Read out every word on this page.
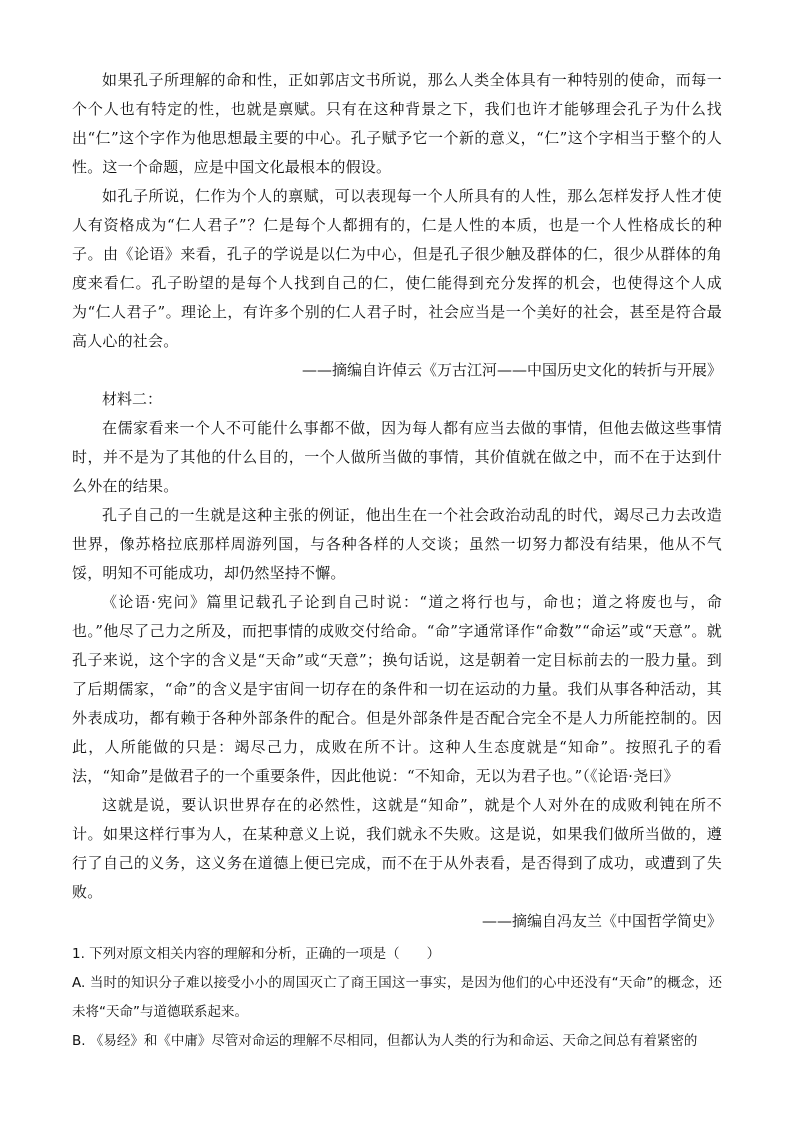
如果孔子所理解的命和性，正如郭店文书所说，那么人类全体具有一种特别的使命，而每一个个人也有特定的性，也就是禀赋。只有在这种背景之下，我们也许才能够理会孔子为什么找出“仁”这个字作为他思想最主要的中心。孔子赋予它一个新的意义，“仁”这个字相当于整个的人性。这一个命题，应是中国文化最根本的假设。

如孔子所说，仁作为个人的禀赋，可以表现每一个人所具有的人性，那么怎样发抒人性才使人有资格成为“仁人君子”？仁是每个人都拥有的，仁是人性的本质，也是一个人性格成长的种子。由《论语》来看，孔子的学说是以仁为中心，但是孔子很少触及群体的仁，很少从群体的角度来看仁。孔子盼望的是每个人找到自己的仁，使仁能得到充分发挥的机会，也使得这个人成为“仁人君子”。理论上，有许多个别的仁人君子时，社会应当是一个美好的社会，甚至是符合最高人心的社会。

——摘编自许倬云《万古江河——中国历史文化的转折与开展》

材料二：

在儒家看来一个人不可能什么事都不做，因为每人都有应当去做的事情，但他去做这些事情时，并不是为了其他的什么目的，一个人做所当做的事情，其价值就在做之中，而不在于达到什么外在的结果。

孔子自己的一生就是这种主张的例证，他出生在一个社会政治动乱的时代，竭尽己力去改造世界，像苏格拉底那样周游列国，与各种各样的人交谈；虽然一切努力都没有结果，他从不气馁，明知不可能成功，却仍然坚持不懈。

《论语·宪问》篇里记载孔子论到自己时说：“道之将行也与，命也；道之将废也与，命也。”他尽了己力之所及，而把事情的成败交付给命。“命”字通常译作“命数”“命运”或“天意”。就孔子来说，这个字的含义是“天命”或“天意”；换句话说，这是朝着一定目标前去的一股力量。到了后期儒家，“命”的含义是宇宙间一切存在的条件和一切在运动的力量。我们从事各种活动，其外表成功，都有赖于各种外部条件的配合。但是外部条件是否配合完全不是人力所能控制的。因此，人所能做的只是：竭尽己力，成败在所不计。这种人生态度就是“知命”。按照孔子的看法，“知命”是做君子的一个重要条件，因此他说：“不知命，无以为君子也。”（《论语·尧曰》

这就是说，要认识世界存在的必然性，这就是“知命”，就是个人对外在的成败利钝在所不计。如果这样行事为人，在某种意义上说，我们就永不失败。这是说，如果我们做所当做的，遵行了自己的义务，这义务在道德上便已完成，而不在于从外表看，是否得到了成功，或遭到了失败。

——摘编自冯友兰《中国哲学简史》

1. 下列对原文相关内容的理解和分析，正确的一项是（　　）

A. 当时的知识分子难以接受小小的周国灭亡了商王国这一事实，是因为他们的心中还没有“天命”的概念，还未将“天命”与道德联系起来。

B. 《易经》和《中庸》尽管对命运的理解不尽相同，但都认为人类的行为和命运、天命之间总有着紧密的
